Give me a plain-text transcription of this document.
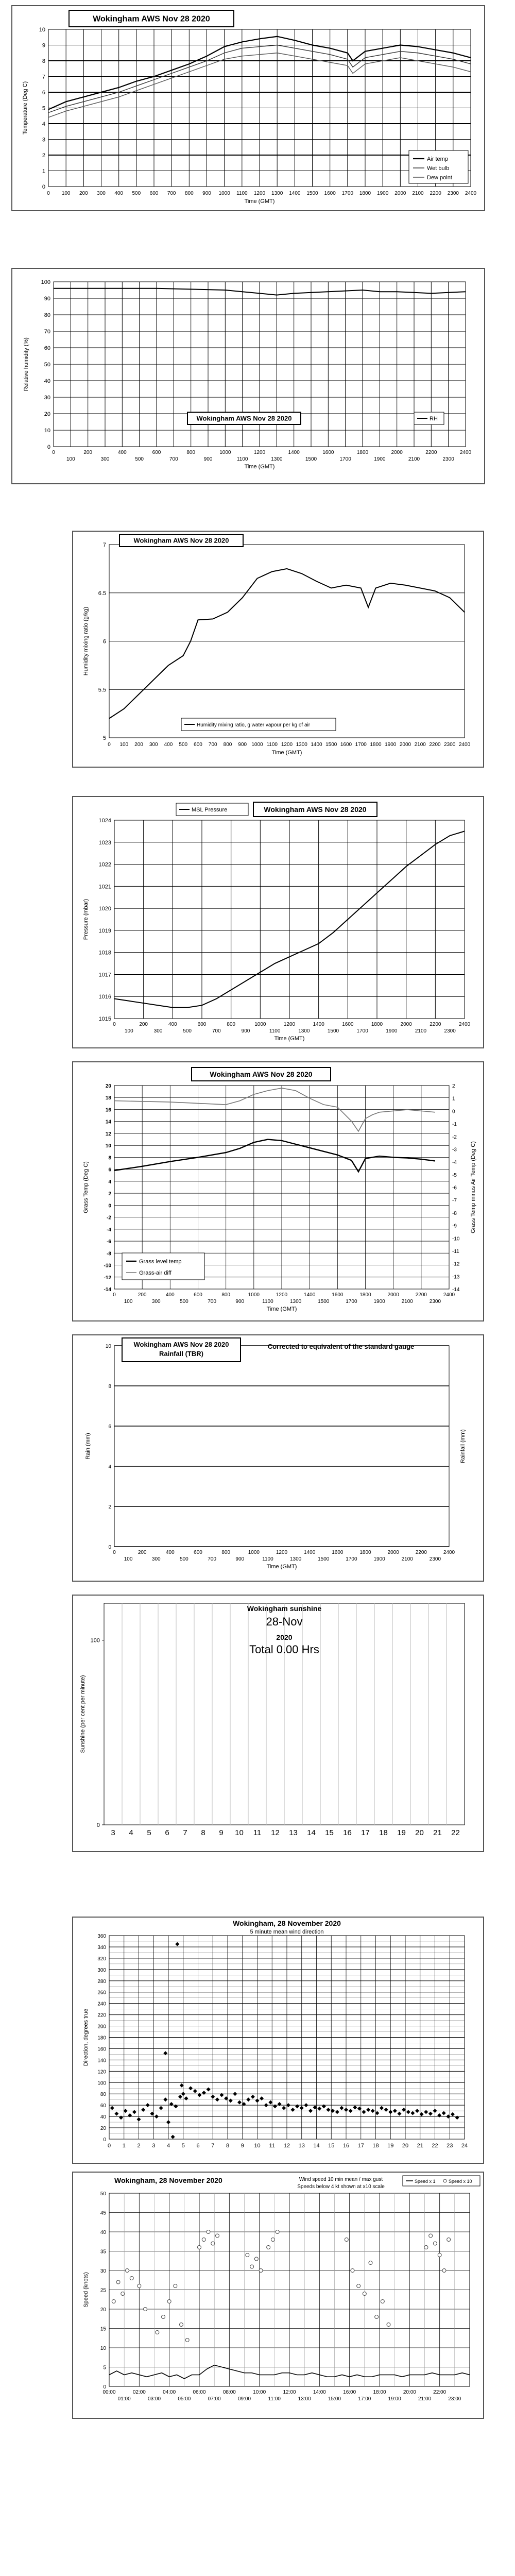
0
1
2
3
4
5
6
7
8
9
10
0 100 200 300 400 500 600 700 800 900 1000 1100 1200 1300 1400 1500 1600 1700 1800 1900 2000 2100 2200 2300 2400
Temperature (Deg C)
Time (GMT)
Wokingham AWS Nov 28 2020
Air temp
Wet bulb
Dew point
0
10
20
30
40
50
60
70
80
90
100
0	200	400	600	800	1000	1200	1400	1600	1800	2000	2200	2400
100	300	500	700	900	1100	1300	1500	1700	1900	2100	2300
Relative humidity (%)
Time (GMT)
Wokingham AWS Nov 28 2020	RH
5
5.5
6
6.5
7
0 100 200 300 400 500 600 700 800 900 1000 1100 1200 1300 1400 1500 1600 1700 1800 1900 2000 2100 2200 2300 2400
Humidity mixing ratio (g/kg)
Time (GMT)
Wokingham AWS Nov 28 2020
Humidity mixing ratio, g water vapour per kg of air
1015
1016
1017
1018
1019
1020
1021
1022
1023
1024
0	200	400	600	800	1000	1200	1400	1600	1800	2000	2200	2400
100	300	500	700	900	1100	1300	1500	1700	1900	2100	2300
Pressure (mbar)
Time (GMT)
MSL Pressure	Wokingham AWS Nov 28 2020
20
18
16
14
12
10
8
6
4
2
0
-2
-4
-6
-8
-10
-12
-14
2
1
0
-1
-2
-3
-4
-5
-6
-7
-8
-9
-10
-11
-12
-13
-14
0	200	400	600	800	1000	1200	1400	1600	1800	2000	2200	2400
100	300	500	700	900	1100	1300	1500	1700	1900	2100	2300
Grass Temp (Deg C)	Grass Temp minus Air Temp (Deg C)
Time (GMT)
Wokingham AWS Nov 28 2020
Grass level temp
Grass-air diff
0
2
4
6
8
10
0	200	400	600	800	1000	1200	1400	1600	1800	2000	2200	2400
100	300	500	700	900	1100	1300	1500	1700	1900	2100	2300
Rain (mm)	Rainfall (mm)
Time (GMT)
Wokingham AWS Nov 28 2020
Rainfall (TBR)
Corrected to equivalent of the standard gauge
3 4 5 6 7 8 9 10 11 12 13 14 15 16 17 18 19 20 21 22
0
100
Sunshine (per cent per minute)
Wokingham sunshine
28-Nov
2020
Total 0.00 Hrs
0
20
40
60
80
100
120
140
160
180
200
220
240
260
280
300
320
340
360
0 1 2 3 4 5 6 7 8 9 10 11 12 13 14 15 16 17 18 19 20 21 22 23 24
Direction, degrees true
Wokingham, 28 November 2020
5 minute mean wind direction
0
5
10
15
20
25
30
35
40
45
50
00:00	02:00	04:00	06:00	08:00	10:00	12:00	14:00	16:00	18:00	20:00	22:00
01:00	03:00	05:00	07:00	09:00	11:00	13:00	15:00	17:00	19:00	21:00	23:00
Speed (knots)
Wokingham, 28 November 2020	Wind speed 10 min mean / max gust
Speeds below 4 kt shown at x10 scale
Speed x 1	Speed x 10
